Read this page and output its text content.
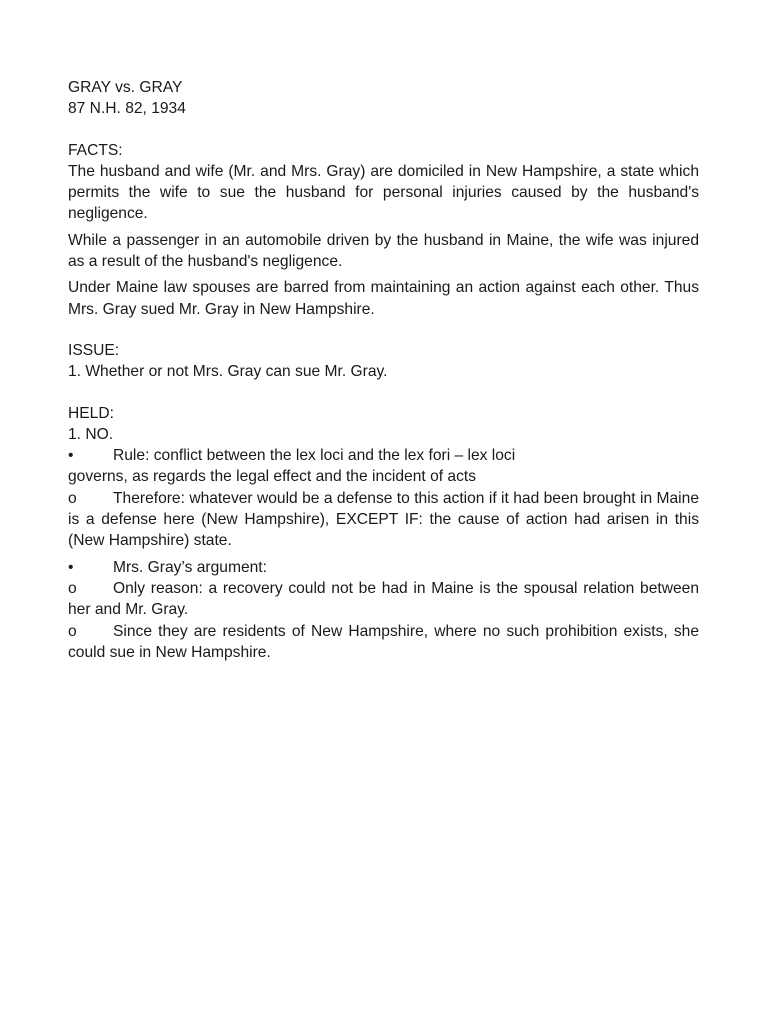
GRAY vs. GRAY
87 N.H. 82, 1934
FACTS:
The husband and wife (Mr. and Mrs. Gray) are domiciled in New Hampshire, a state which permits the wife to sue the husband for personal injuries caused by the husband's negligence.
While a passenger in an automobile driven by the husband in Maine, the wife was injured as a result of the husband's negligence.
Under Maine law spouses are barred from maintaining an action against each other. Thus Mrs. Gray sued Mr. Gray in New Hampshire.
ISSUE:
1. Whether or not Mrs. Gray can sue Mr. Gray.
HELD:
1. NO.
•	Rule: conflict between the lex loci and the lex fori – lex loci
governs, as regards the legal effect and the incident of acts
o Therefore: whatever would be a defense to this action if it had been brought in Maine is a defense here (New Hampshire), EXCEPT IF: the cause of action had arisen in this (New Hampshire) state.
•	Mrs. Gray’s argument:
o Only reason: a recovery could not be had in Maine is the spousal relation between her and Mr. Gray.
o Since they are residents of New Hampshire, where no such prohibition exists, she could sue in New Hampshire.
